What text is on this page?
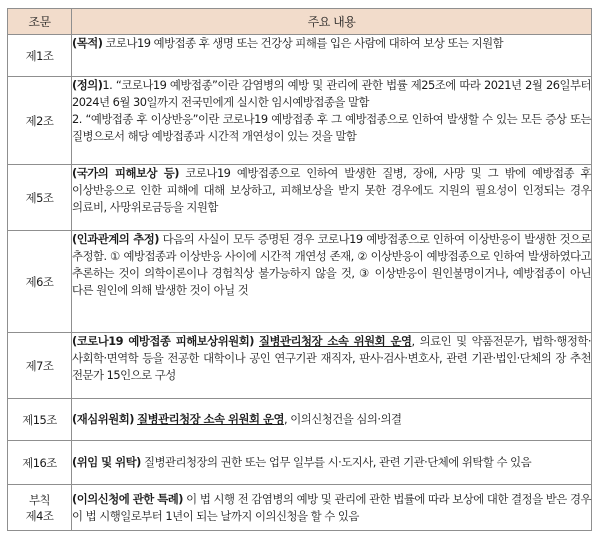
조문	주요 내용
제1조	(목적) 코로나19 예방접종 후 생명 또는 건강상 피해를 입은 사람에 대하여 보상 또는 지원함
제2조	(정의)1. “코로나19 예방접종”이란 감염병의 예방 및 관리에 관한 법률 제25조에 따라 2021년 2월 26일부터 2024년 6월 30일까지 전국민에게 실시한 임시예방접종을 말함
2. “예방접종 후 이상반응”이란 코로나19 예방접종 후 그 예방접종으로 인하여 발생할 수 있는 모든 증상 또는 질병으로서 해당 예방접종과 시간적 개연성이 있는 것을 말함

제5조	(국가의 피해보상 등) 코로나19 예방접종으로 인하여 발생한 질병, 장애, 사망 및 그 밖에 예방접종 후 이상반응으로 인한 피해에 대해 보상하고, 피해보상을 받지 못한 경우에도 지원의 필요성이 인정되는 경우 의료비, 사망위로금등을 지원함
제6조	(인과관계의 추정) 다음의 사실이 모두 증명된 경우 코로나19 예방접종으로 인하여 이상반응이 발생한 것으로 추정함. ① 예방접종과 이상반응 사이에 시간적 개연성 존재, ② 이상반응이 예방접종으로 인하여 발생하였다고 추론하는 것이 의학이론이나 경험칙상 불가능하지 않을 것, ③ 이상반응이 원인불명이거나, 예방접종이 아닌 다른 원인에 의해 발생한 것이 아닐 것
제7조	(코로나19 예방접종 피해보상위원회) 질병관리청장 소속 위원회 운영, 의료인 및 약품전문가, 법학·행정학·사회학·면역학 등을 전공한 대학이나 공인 연구기관 재직자, 판사·검사·변호사, 관련 기관·법인·단체의 장 추천 전문가 15인으로 구성
제15조	(재심위원회) 질병관리청장 소속 위원회 운영, 이의신청건을 심의·의결
제16조	(위임 및 위탁) 질병관리청장의 권한 또는 업무 일부를 시·도지사, 관련 기관·단체에 위탁할 수 있음
부칙
제4조	(이의신청에 관한 특례) 이 법 시행 전 감염병의 예방 및 관리에 관한 법률에 따라 보상에 대한 결정을 받은 경우 이 법 시행일로부터 1년이 되는 날까지 이의신청을 할 수 있음
